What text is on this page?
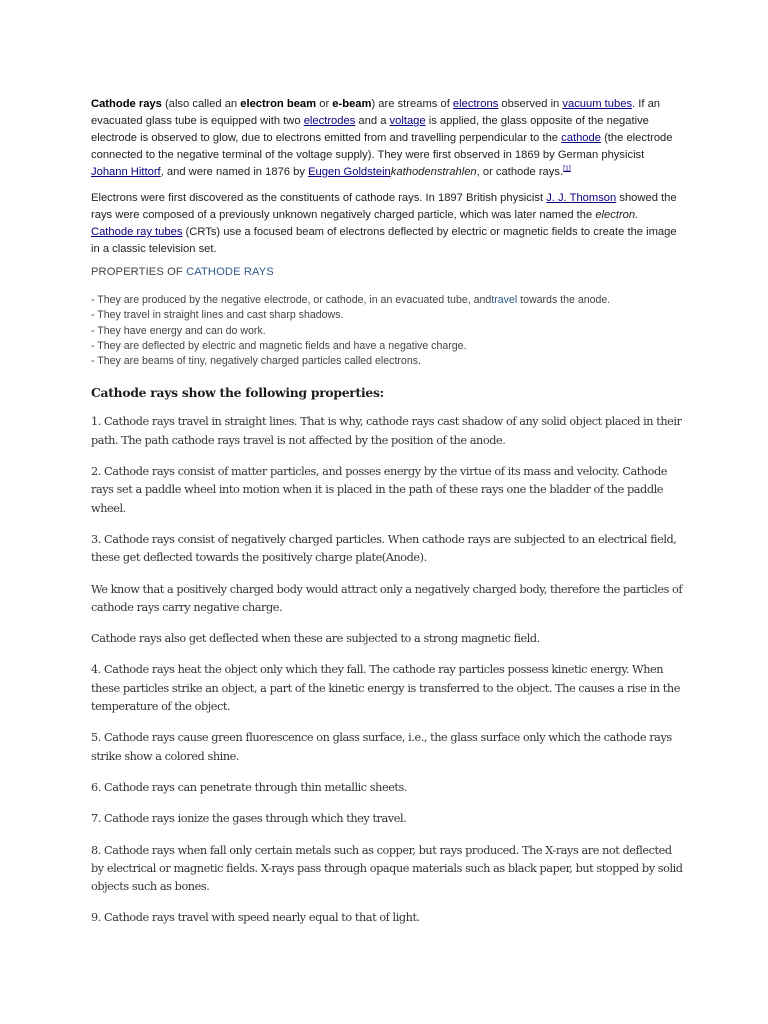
Cathode rays (also called an electron beam or e-beam) are streams of electrons observed in vacuum tubes. If an evacuated glass tube is equipped with two electrodes and a voltage is applied, the glass opposite of the negative electrode is observed to glow, due to electrons emitted from and travelling perpendicular to the cathode (the electrode connected to the negative terminal of the voltage supply). They were first observed in 1869 by German physicist Johann Hittorf, and were named in 1876 by Eugen Goldsteinkathodenstrahlen, or cathode rays.[1]

Electrons were first discovered as the constituents of cathode rays. In 1897 British physicist J. J. Thomson showed the rays were composed of a previously unknown negatively charged particle, which was later named the electron. Cathode ray tubes (CRTs) use a focused beam of electrons deflected by electric or magnetic fields to create the image in a classic television set.

PROPERTIES OF CATHODE RAYS
- They are produced by the negative electrode, or cathode, in an evacuated tube, andtravel towards the anode.
- They travel in straight lines and cast sharp shadows.
- They have energy and can do work.
- They are deflected by electric and magnetic fields and have a negative charge.
- They are beams of tiny, negatively charged particles called electrons.
Cathode rays show the following properties:
1. Cathode rays travel in straight lines. That is why, cathode rays cast shadow of any solid object placed in their path. The path cathode rays travel is not affected by the position of the anode.
2. Cathode rays consist of matter particles, and posses energy by the virtue of its mass and velocity. Cathode rays set a paddle wheel into motion when it is placed in the path of these rays one the bladder of the paddle wheel.
3. Cathode rays consist of negatively charged particles. When cathode rays are subjected to an electrical field, these get deflected towards the positively charge plate(Anode).
We know that a positively charged body would attract only a negatively charged body, therefore the particles of cathode rays carry negative charge.
Cathode rays also get deflected when these are subjected to a strong magnetic field.
4. Cathode rays heat the object only which they fall. The cathode ray particles possess kinetic energy. When these particles strike an object, a part of the kinetic energy is transferred to the object. The causes a rise in the temperature of the object.
5. Cathode rays cause green fluorescence on glass surface, i.e., the glass surface only which the cathode rays strike show a colored shine.
6. Cathode rays can penetrate through thin metallic sheets.
7. Cathode rays ionize the gases through which they travel.
8. Cathode rays when fall only certain metals such as copper, but rays produced. The X-rays are not deflected by electrical or magnetic fields. X-rays pass through opaque materials such as black paper, but stopped by solid objects such as bones.
9. Cathode rays travel with speed nearly equal to that of light.
